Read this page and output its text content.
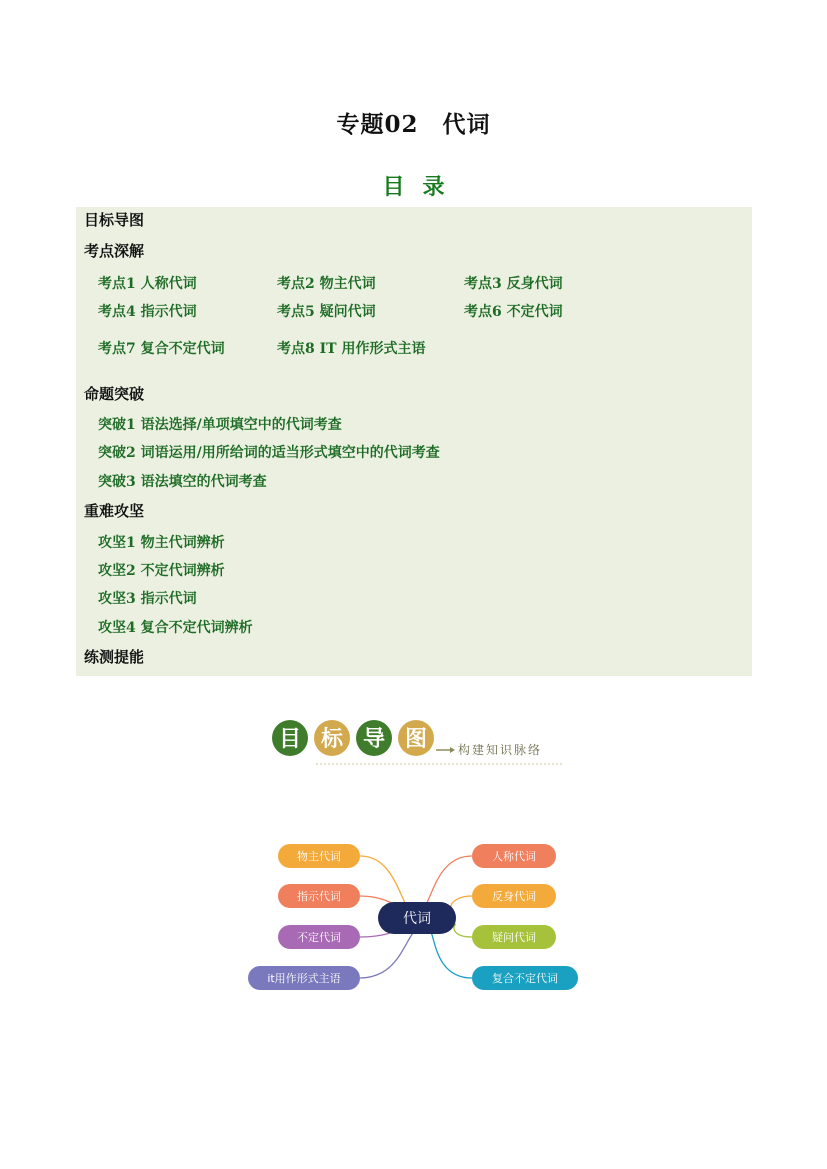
专题02　代词
目录
目标导图
考点深解
考点1 人称代词	考点2 物主代词	考点3 反身代词
考点4 指示代词	考点5 疑问代词	考点6 不定代词
考点7 复合不定代词	考点8 IT 用作形式主语
命题突破
突破1 语法选择/单项填空中的代词考查
突破2 词语运用/用所给词的适当形式填空中的代词考查
突破3 语法填空的代词考查
重难攻坚
攻坚1 物主代词辨析
攻坚2 不定代词辨析
攻坚3 指示代词
攻坚4 复合不定代词辨析
练测提能
目 标 导 图	构建知识脉络
代词
物主代词
指示代词
不定代词
it用作形式主语
人称代词
反身代词
疑问代词
复合不定代词
